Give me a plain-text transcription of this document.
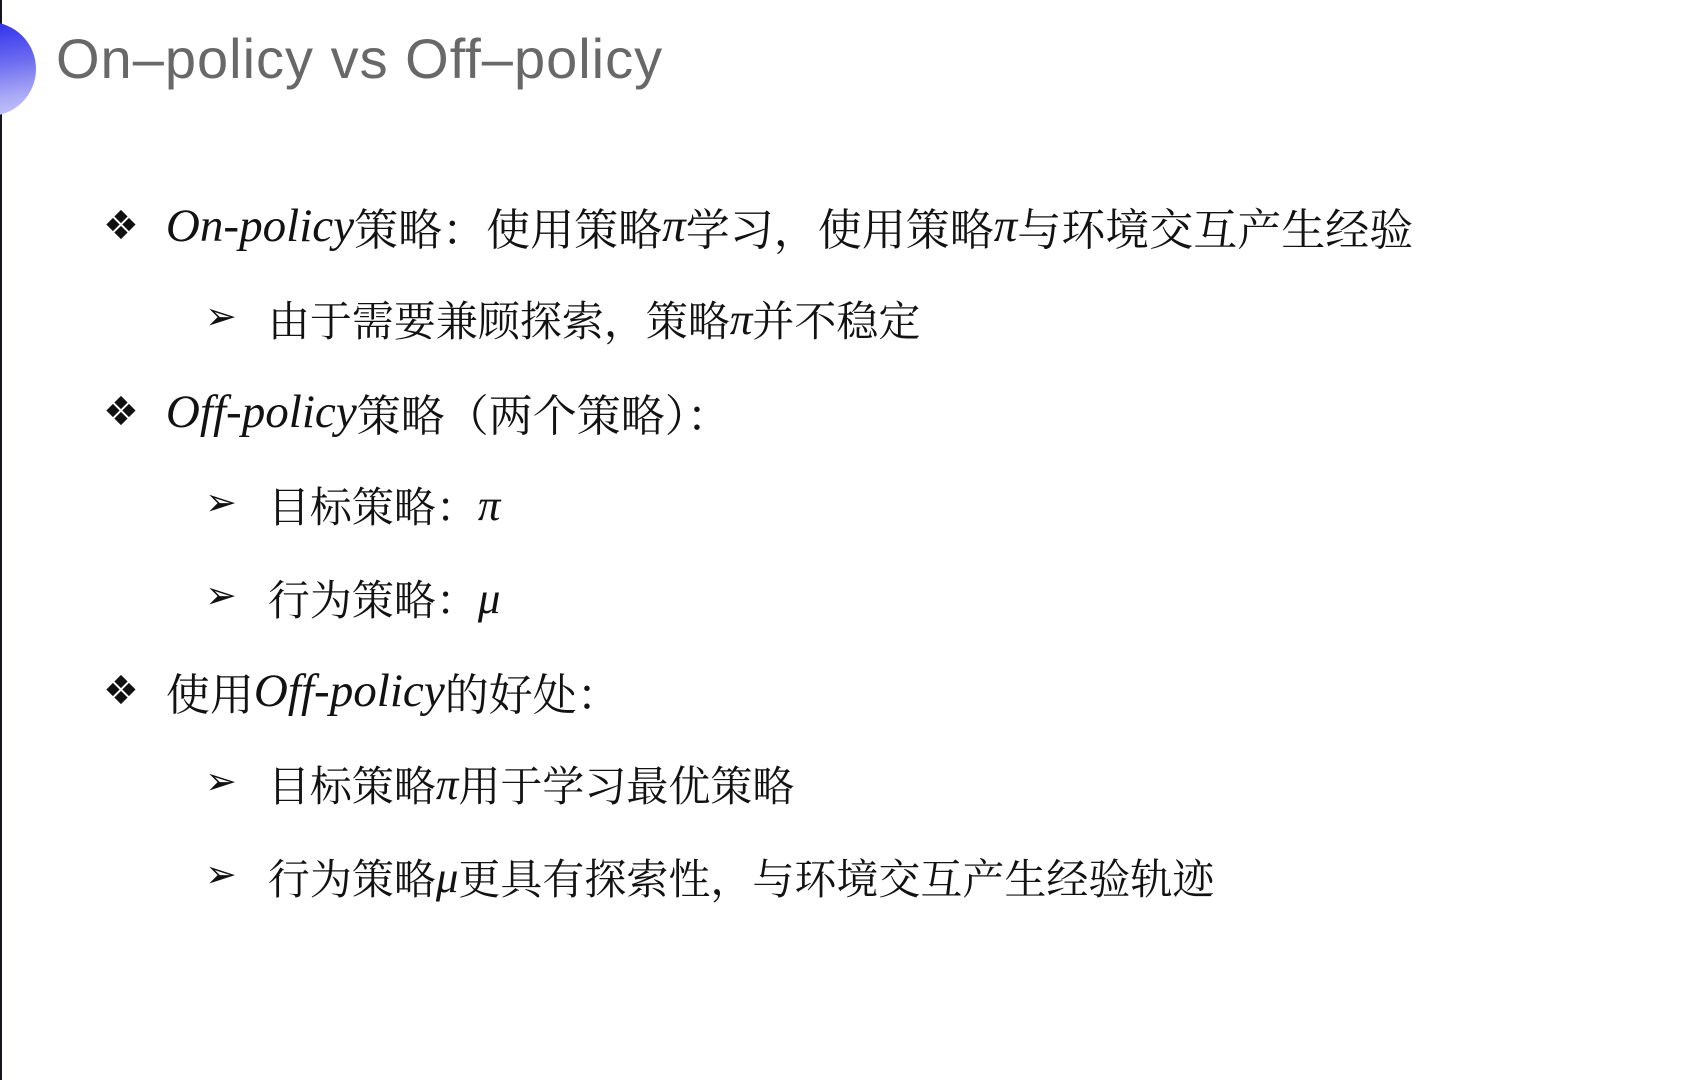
On–policy vs Off–policy
❖ On-policy 策略：使用策略 π 学习，使用策略 π 与环境交互产生经验
➢ 由于需要兼顾探索，策略 π 并不稳定
❖ Off-policy 策略（两个策略）：
➢ 目标策略： π
➢ 行为策略： μ
❖ 使用 Off-policy 的好处：
➢ 目标策略 π 用于学习最优策略
➢ 行为策略 μ 更具有探索性，与环境交互产生经验轨迹
